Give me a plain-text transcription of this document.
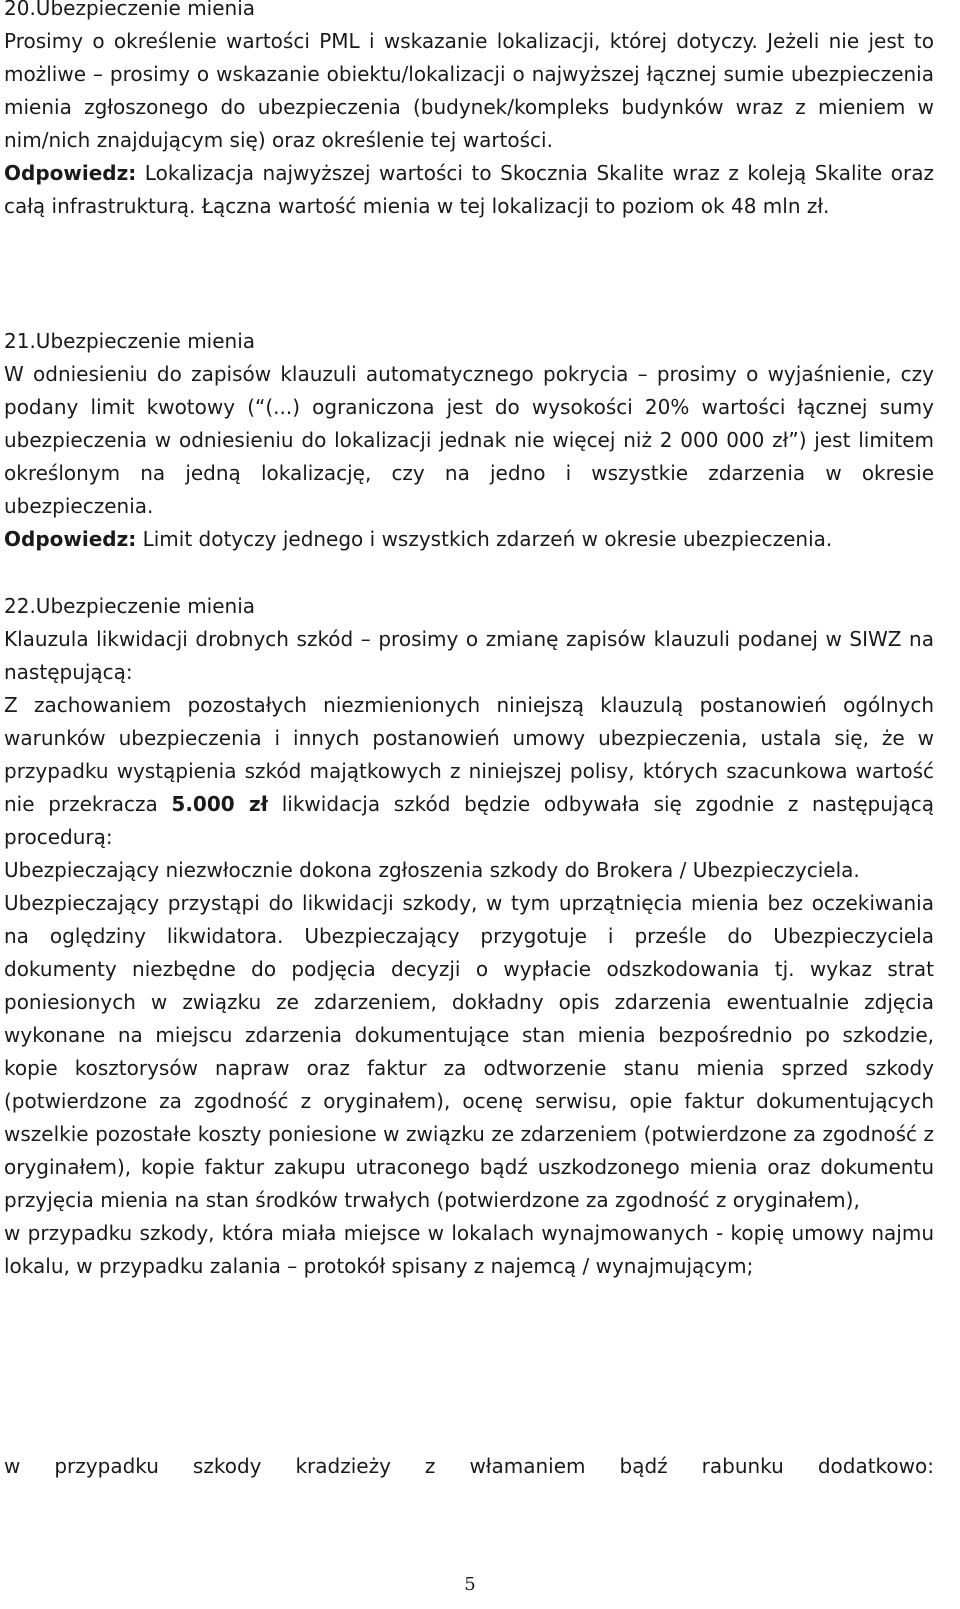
20.Ubezpieczenie mienia

Prosimy o określenie wartości PML i wskazanie lokalizacji, której dotyczy. Jeżeli nie jest to możliwe – prosimy o wskazanie obiektu/lokalizacji o najwyższej łącznej sumie ubezpieczenia mienia zgłoszonego do ubezpieczenia (budynek/kompleks budynków wraz z mieniem w nim/nich znajdującym się) oraz określenie tej wartości.

Odpowiedz: Lokalizacja najwyższej wartości to Skocznia Skalite wraz z koleją Skalite oraz całą infrastrukturą. Łączna wartość mienia w tej lokalizacji to poziom ok 48 mln zł.

21.Ubezpieczenie mienia

W odniesieniu do zapisów klauzuli automatycznego pokrycia – prosimy o wyjaśnienie, czy podany limit kwotowy (“(...) ograniczona jest do wysokości 20% wartości łącznej sumy ubezpieczenia w odniesieniu do lokalizacji jednak nie więcej niż 2 000 000 zł”) jest limitem określonym na jedną lokalizację, czy na jedno i wszystkie zdarzenia w okresie ubezpieczenia.

Odpowiedz: Limit dotyczy jednego i wszystkich zdarzeń w okresie ubezpieczenia.

22.Ubezpieczenie mienia

Klauzula likwidacji drobnych szkód – prosimy o zmianę zapisów klauzuli podanej w SIWZ na następującą:

Z zachowaniem pozostałych niezmienionych niniejszą klauzulą postanowień ogólnych warunków ubezpieczenia i innych postanowień umowy ubezpieczenia, ustala się, że w przypadku wystąpienia szkód majątkowych z niniejszej polisy, których szacunkowa wartość nie przekracza 5.000 zł likwidacja szkód będzie odbywała się zgodnie z następującą procedurą:

Ubezpieczający niezwłocznie dokona zgłoszenia szkody do Brokera / Ubezpieczyciela.

Ubezpieczający przystąpi do likwidacji szkody, w tym uprzątnięcia mienia bez oczekiwania na oględziny likwidatora. Ubezpieczający przygotuje i prześle do Ubezpieczyciela dokumenty niezbędne do podjęcia decyzji o wypłacie odszkodowania tj. wykaz strat poniesionych w związku ze zdarzeniem, dokładny opis zdarzenia ewentualnie zdjęcia wykonane na miejscu zdarzenia dokumentujące stan mienia bezpośrednio po szkodzie, kopie kosztorysów napraw oraz faktur za odtworzenie stanu mienia sprzed szkody (potwierdzone za zgodność z oryginałem), ocenę serwisu, opie faktur dokumentujących wszelkie pozostałe koszty poniesione w związku ze zdarzeniem (potwierdzone za zgodność z oryginałem), kopie faktur zakupu utraconego bądź uszkodzonego mienia oraz dokumentu przyjęcia mienia na stan środków trwałych (potwierdzone za zgodność z oryginałem),

w przypadku szkody, która miała miejsce w lokalach wynajmowanych - kopię umowy najmu lokalu, w przypadku zalania – protokół spisany z najemcą / wynajmującym;

w przypadku szkody kradzieży z włamaniem bądź rabunku dodatkowo:

5
